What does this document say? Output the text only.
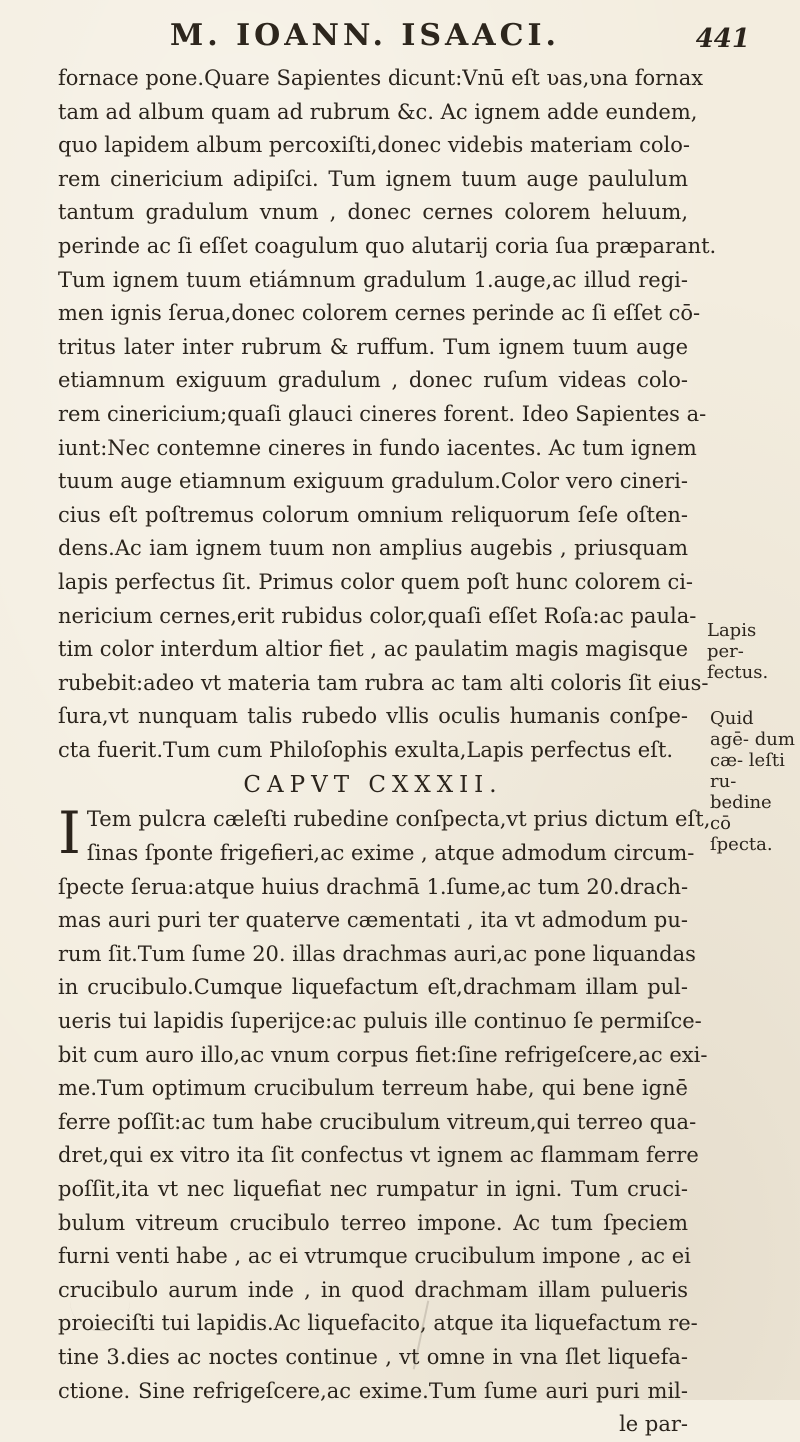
M. IOANN. ISAACI.	441
fornace pone.Quare Sapientes dicunt:Vnū eſt ʋas,ʋna fornax
tam ad album quam ad rubrum &c. Ac ignem adde eundem,
quo lapidem album percoxiſti,donec videbis materiam colo-
rem cinericium adipiſci. Tum ignem tuum auge paululum
tantum gradulum vnum , donec cernes colorem heluum,
perinde ac ſi eſſet coagulum quo alutarij coria ſua præparant.
Tum ignem tuum etiámnum gradulum 1.auge,ac illud regi-
men ignis ſerua,donec colorem cernes perinde ac ſi eſſet cō-
tritus later inter rubrum & ruffum. Tum ignem tuum auge
etiamnum exiguum gradulum , donec ruſum videas colo-
rem cinericium;quaſi glauci cineres forent. Ideo Sapientes a-
iunt:Nec contemne cineres in fundo iacentes. Ac tum ignem
tuum auge etiamnum exiguum gradulum.Color vero cineri-
cius eſt poſtremus colorum omnium reliquorum ſeſe oſten-
dens.Ac iam ignem tuum non amplius augebis , priusquam
lapis perfectus ſit. Primus color quem poſt hunc colorem ci-
nericium cernes,erit rubidus color,quaſi eſſet Roſa:ac paula-
tim color interdum altior fiet , ac paulatim magis magisque
rubebit:adeo vt materia tam rubra ac tam alti coloris ſit eius-
ſura,vt nunquam talis rubedo vllis oculis humanis conſpe-
cta fuerit.Tum cum Philoſophis exulta,Lapis perfectus eſt.
CAPVT CXXXII.
I Tem pulcra cæleſti rubedine conſpecta,vt prius dictum eſt,
ſinas ſponte frigefieri,ac exime , atque admodum circum-
ſpecte ſerua:atque huius drachmā 1.ſume,ac tum 20.drach-
mas auri puri ter quaterve cæmentati , ita vt admodum pu-
rum ſit.Tum ſume 20. illas drachmas auri,ac pone liquandas
in crucibulo.Cumque liquefactum eſt,drachmam illam pul-
ueris tui lapidis ſuperijce:ac puluis ille continuo ſe permiſce-
bit cum auro illo,ac vnum corpus fiet:ſine refrigeſcere,ac exi-
me.Tum optimum crucibulum terreum habe, qui bene ignē
ferre poſſit:ac tum habe crucibulum vitreum,qui terreo qua-
dret,qui ex vitro ita ſit confectus vt ignem ac flammam ferre
poſſit,ita vt nec liquefiat nec rumpatur in igni. Tum cruci-
bulum vitreum crucibulo terreo impone. Ac tum ſpeciem
furni venti habe , ac ei vtrumque crucibulum impone , ac ei
crucibulo aurum inde , in quod drachmam illam pulueris
proieciſti tui lapidis.Ac liquefacito, atque ita liquefactum re-
tine 3.dies ac noctes continue , vt omne in vna ſlet liquefa-
ctione. Sine refrigeſcere,ac exime.Tum ſume auri puri mil-
le par-
Lapis per- fectus.
Quid agē- dum cæ- leſti ru- bedine cō ſpecta.
